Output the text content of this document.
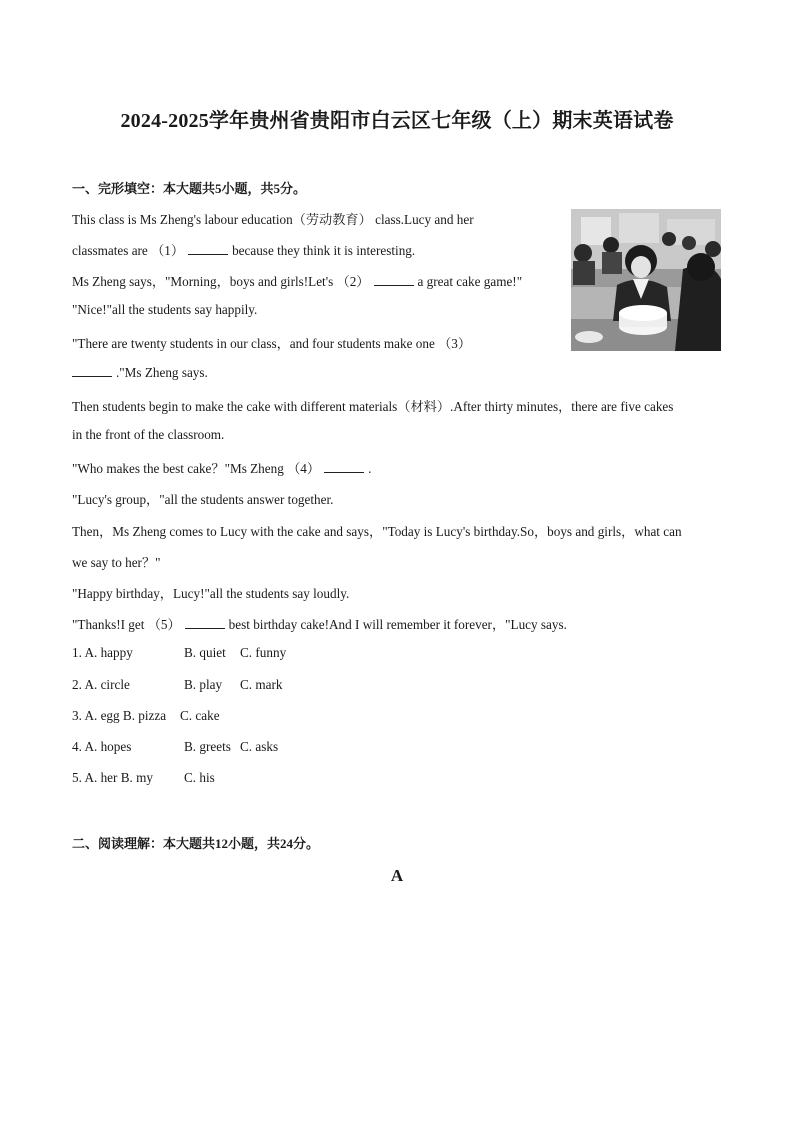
2024-2025学年贵州省贵阳市白云区七年级（上）期末英语试卷
一、完形填空：本大题共5小题，共5分。
This class is Ms Zheng's labour education（劳动教育） class.Lucy and her
classmates are （1）	because they think it is interesting.
Ms Zheng says，"Morning，boys and girls!Let's （2）	a great cake game!"
"Nice!"all the students say happily.
"There are twenty students in our class，and four students make one （3）
."Ms Zheng says.
Then students begin to make the cake with different materials（材料）.After thirty minutes，there are five cakes
in the front of the classroom.
"Who makes the best cake？"Ms Zheng （4）	.
"Lucy's group，"all the students answer together.
Then，Ms Zheng comes to Lucy with the cake and says，"Today is Lucy's birthday.So，boys and girls，what can
we say to her？"
"Happy birthday，Lucy!"all the students say loudly.
"Thanks!I get （5）	best birthday cake!And I will remember it forever，"Lucy says.
1. A. happy	B. quiet C. funny
2. A. circle	B. play C. mark
3. A. egg B. pizza C. cake
4. A. hopes	B. greets C. asks
5. A. her B. my C. his
二、阅读理解：本大题共12小题，共24分。
A
